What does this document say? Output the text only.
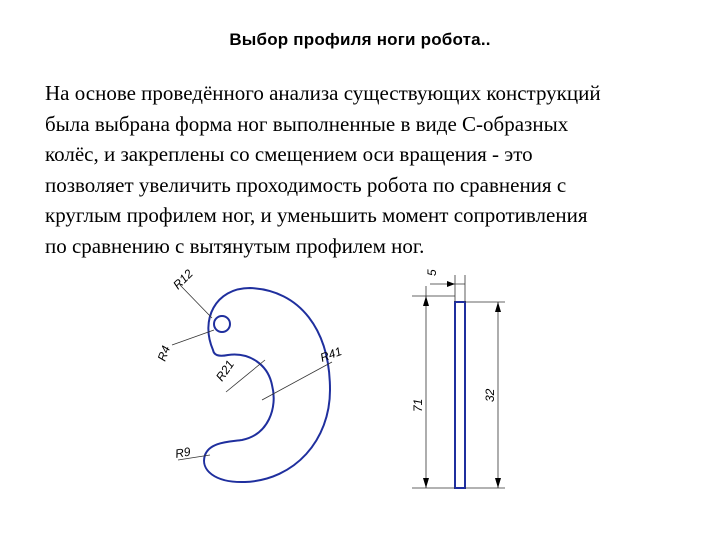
Выбор профиля ноги робота..
На основе проведённого анализа существующих конструкций
была выбрана форма ног выполненные в виде С-образных
колёс, и закреплены со смещением оси вращения - это
позволяет увеличить проходимость робота по сравнения с
круглым профилем ног, и уменьшить момент сопротивления
по сравнению с вытянутым профилем ног.
R12
R4
R21
R41
R9
5
71
32
